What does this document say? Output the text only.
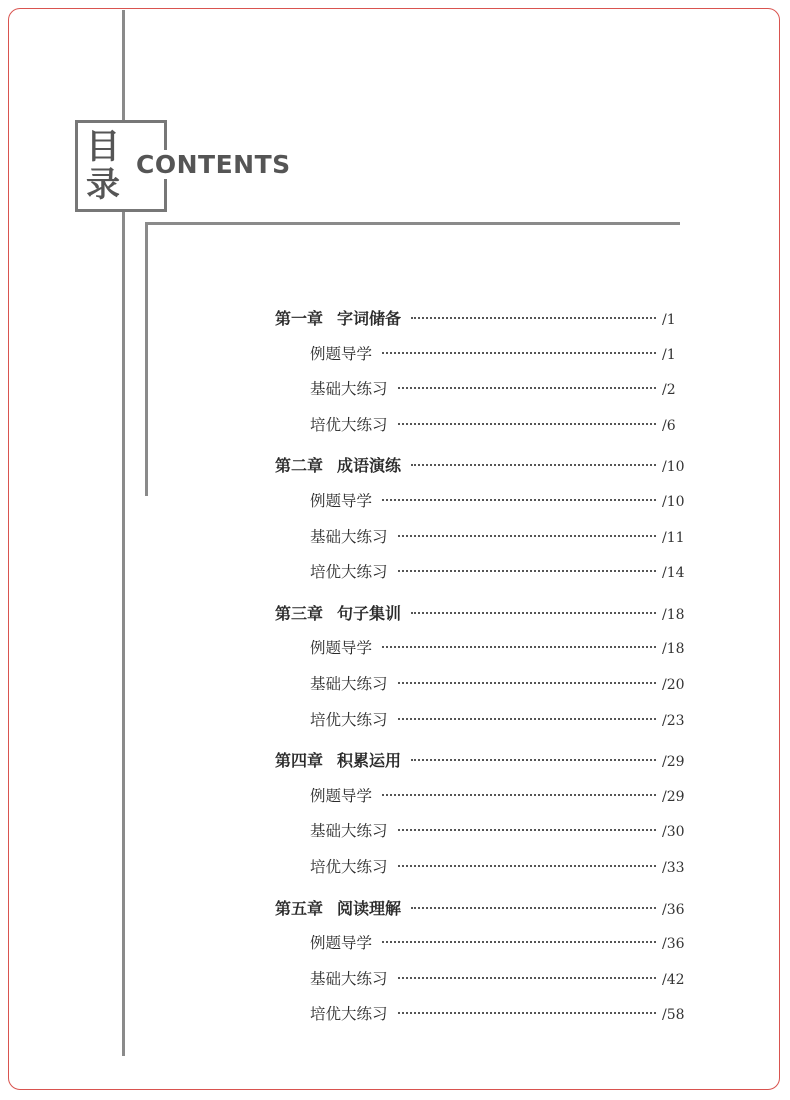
目录
CONTENTS
第一章 字词储备	/1
例题导学	/1
基础大练习	/2
培优大练习	/6
第二章 成语演练	/10
例题导学	/10
基础大练习	/11
培优大练习	/14
第三章 句子集训	/18
例题导学	/18
基础大练习	/20
培优大练习	/23
第四章 积累运用	/29
例题导学	/29
基础大练习	/30
培优大练习	/33
第五章 阅读理解	/36
例题导学	/36
基础大练习	/42
培优大练习	/58
